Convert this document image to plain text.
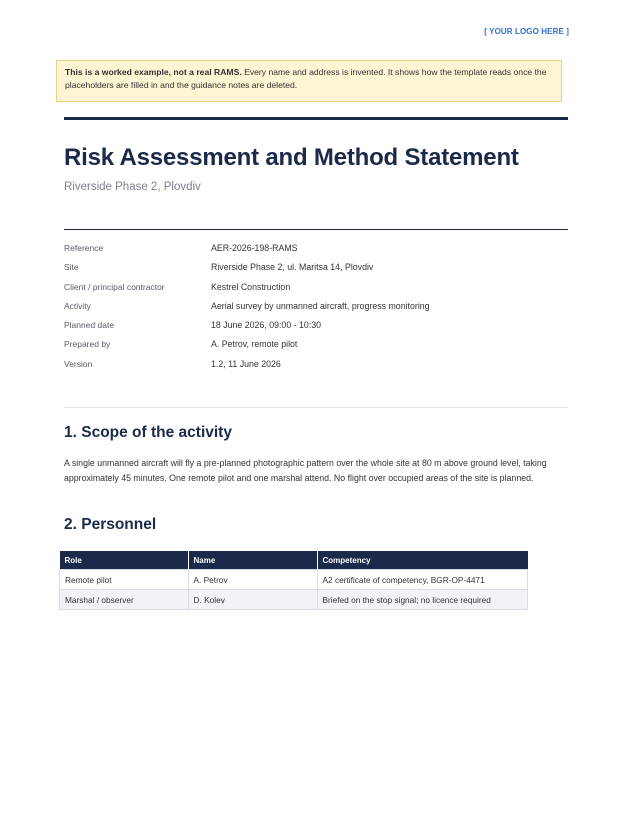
[ YOUR LOGO HERE ]
This is a worked example, not a real RAMS. Every name and address is invented. It shows how the template reads once the placeholders are filled in and the guidance notes are deleted.
Risk Assessment and Method Statement
Riverside Phase 2, Plovdiv
Reference	AER-2026-198-RAMS
Site	Riverside Phase 2, ul. Maritsa 14, Plovdiv
Client / principal contractor	Kestrel Construction
Activity	Aerial survey by unmanned aircraft, progress monitoring
Planned date	18 June 2026, 09:00 - 10:30
Prepared by	A. Petrov, remote pilot
Version	1.2, 11 June 2026
1. Scope of the activity

A single unmanned aircraft will fly a pre-planned photographic pattern over the whole site at 80 m above ground level, taking approximately 45 minutes. One remote pilot and one marshal attend. No flight over occupied areas of the site is planned.

2. Personnel
Role	Name	Competency
Remote pilot	A. Petrov	A2 certificate of competency, BGR-OP-4471
Marshal / observer	D. Kolev	Briefed on the stop signal; no licence required
